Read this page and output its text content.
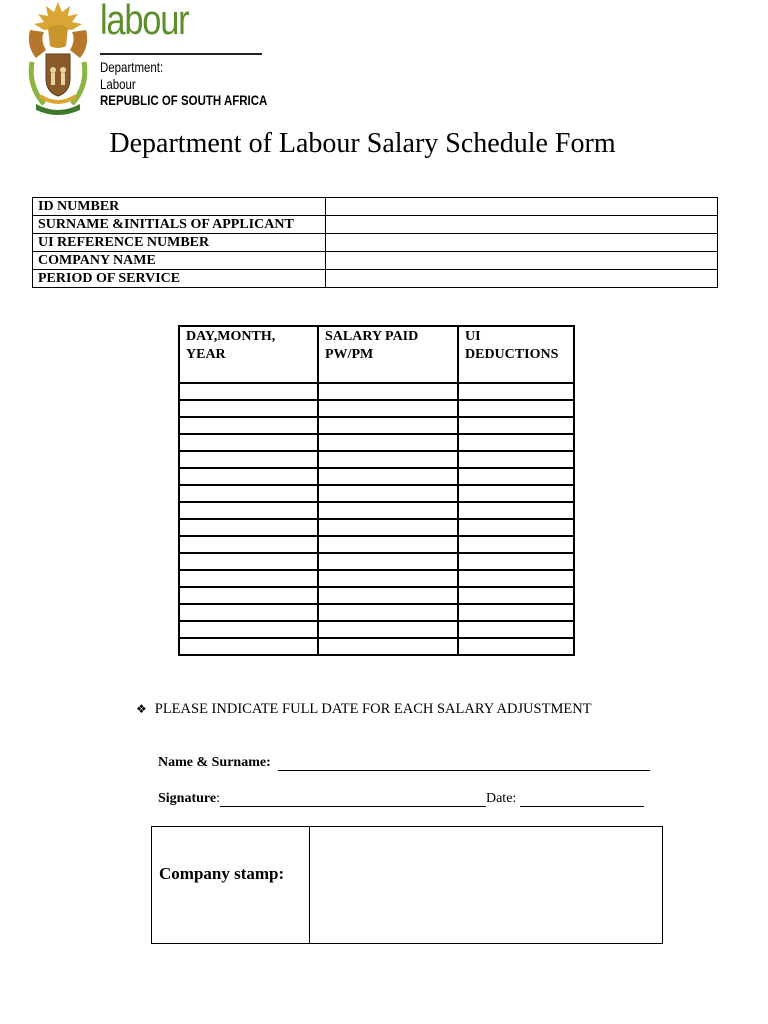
labour
Department:
Labour
REPUBLIC OF SOUTH AFRICA
Department of Labour Salary Schedule Form
ID NUMBER	
SURNAME &INITIALS OF APPLICANT	
UI REFERENCE NUMBER	
COMPANY NAME	
PERIOD OF SERVICE	
DAY,MONTH, YEAR	SALARY PAID PW/PM	UI DEDUCTIONS

❖ PLEASE INDICATE FULL DATE FOR EACH SALARY ADJUSTMENT
Name & Surname:
Signature:	Date:
Company stamp:
